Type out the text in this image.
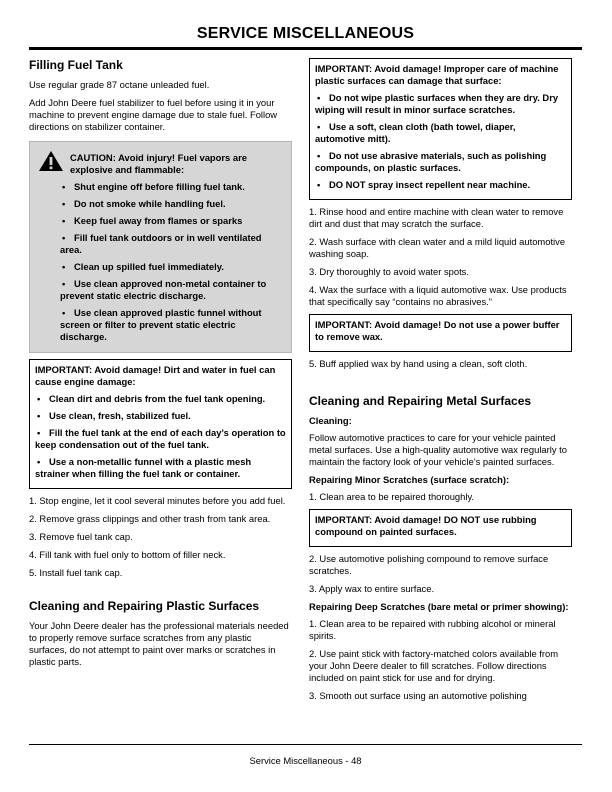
SERVICE MISCELLANEOUS
Filling Fuel Tank

Use regular grade 87 octane unleaded fuel.

Add John Deere fuel stabilizer to fuel before using it in your machine to prevent engine damage due to stale fuel. Follow directions on stabilizer container.

CAUTION: Avoid injury! Fuel vapors are explosive and flammable:

• Shut engine off before filling fuel tank.
• Do not smoke while handling fuel.
• Keep fuel away from flames or sparks
• Fill fuel tank outdoors or in well ventilated area.
• Clean up spilled fuel immediately.
• Use clean approved non-metal container to prevent static electric discharge.
• Use clean approved plastic funnel without screen or filter to prevent static electric discharge.

IMPORTANT: Avoid damage! Dirt and water in fuel can cause engine damage:

• Clean dirt and debris from the fuel tank opening.
• Use clean, fresh, stabilized fuel.
• Fill the fuel tank at the end of each day’s operation to keep condensation out of the fuel tank.
• Use a non-metallic funnel with a plastic mesh strainer when filling the fuel tank or container.

1. Stop engine, let it cool several minutes before you add fuel.

2. Remove grass clippings and other trash from tank area.

3. Remove fuel tank cap.

4. Fill tank with fuel only to bottom of filler neck.

5. Install fuel tank cap.

Cleaning and Repairing Plastic Surfaces

Your John Deere dealer has the professional materials needed to properly remove surface scratches from any plastic surfaces, do not attempt to paint over marks or scratches in plastic parts.

IMPORTANT: Avoid damage! Improper care of machine plastic surfaces can damage that surface:

• Do not wipe plastic surfaces when they are dry. Dry wiping will result in minor surface scratches.
• Use a soft, clean cloth (bath towel, diaper, automotive mitt).
• Do not use abrasive materials, such as polishing compounds, on plastic surfaces.
• DO NOT spray insect repellent near machine.

1. Rinse hood and entire machine with clean water to remove dirt and dust that may scratch the surface.

2. Wash surface with clean water and a mild liquid automotive washing soap.

3. Dry thoroughly to avoid water spots.

4. Wax the surface with a liquid automotive wax. Use products that specifically say “contains no abrasives.”

IMPORTANT: Avoid damage! Do not use a power buffer to remove wax.

5. Buff applied wax by hand using a clean, soft cloth.

Cleaning and Repairing Metal Surfaces
Cleaning:

Follow automotive practices to care for your vehicle painted metal surfaces. Use a high-quality automotive wax regularly to maintain the factory look of your vehicle’s painted surfaces.

Repairing Minor Scratches (surface scratch):

1. Clean area to be repaired thoroughly.

IMPORTANT: Avoid damage! DO NOT use rubbing compound on painted surfaces.

2. Use automotive polishing compound to remove surface scratches.

3. Apply wax to entire surface.

Repairing Deep Scratches (bare metal or primer showing):

1. Clean area to be repaired with rubbing alcohol or mineral spirits.

2. Use paint stick with factory-matched colors available from your John Deere dealer to fill scratches. Follow directions included on paint stick for use and for drying.

3. Smooth out surface using an automotive polishing

Service Miscellaneous - 48
